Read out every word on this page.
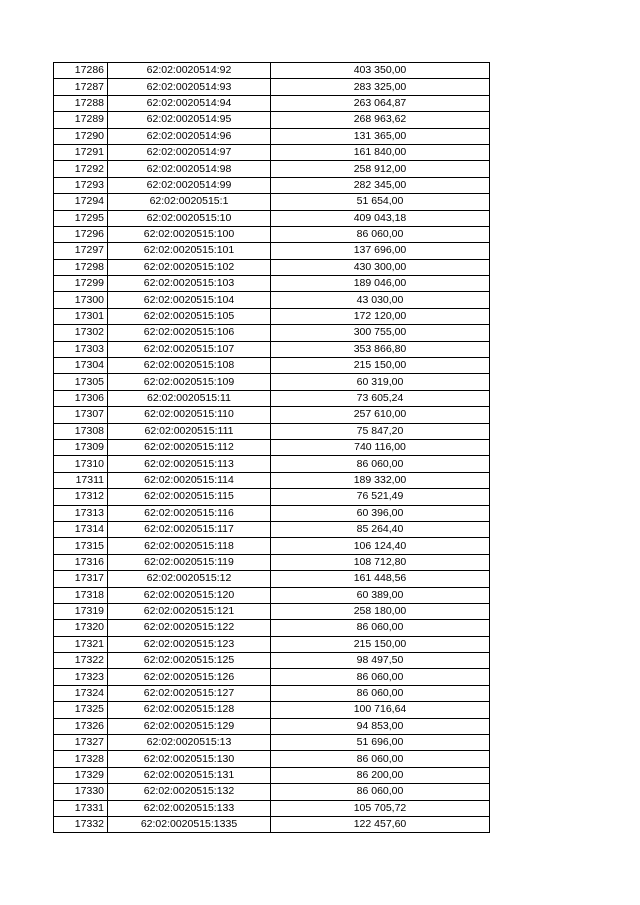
17286	62:02:0020514:92	403 350,00
17287	62:02:0020514:93	283 325,00
17288	62:02:0020514:94	263 064,87
17289	62:02:0020514:95	268 963,62
17290	62:02:0020514:96	131 365,00
17291	62:02:0020514:97	161 840,00
17292	62:02:0020514:98	258 912,00
17293	62:02:0020514:99	282 345,00
17294	62:02:0020515:1	51 654,00
17295	62:02:0020515:10	409 043,18
17296	62:02:0020515:100	86 060,00
17297	62:02:0020515:101	137 696,00
17298	62:02:0020515:102	430 300,00
17299	62:02:0020515:103	189 046,00
17300	62:02:0020515:104	43 030,00
17301	62:02:0020515:105	172 120,00
17302	62:02:0020515:106	300 755,00
17303	62:02:0020515:107	353 866,80
17304	62:02:0020515:108	215 150,00
17305	62:02:0020515:109	60 319,00
17306	62:02:0020515:11	73 605,24
17307	62:02:0020515:110	257 610,00
17308	62:02:0020515:111	75 847,20
17309	62:02:0020515:112	740 116,00
17310	62:02:0020515:113	86 060,00
17311	62:02:0020515:114	189 332,00
17312	62:02:0020515:115	76 521,49
17313	62:02:0020515:116	60 396,00
17314	62:02:0020515:117	85 264,40
17315	62:02:0020515:118	106 124,40
17316	62:02:0020515:119	108 712,80
17317	62:02:0020515:12	161 448,56
17318	62:02:0020515:120	60 389,00
17319	62:02:0020515:121	258 180,00
17320	62:02:0020515:122	86 060,00
17321	62:02:0020515:123	215 150,00
17322	62:02:0020515:125	98 497,50
17323	62:02:0020515:126	86 060,00
17324	62:02:0020515:127	86 060,00
17325	62:02:0020515:128	100 716,64
17326	62:02:0020515:129	94 853,00
17327	62:02:0020515:13	51 696,00
17328	62:02:0020515:130	86 060,00
17329	62:02:0020515:131	86 200,00
17330	62:02:0020515:132	86 060,00
17331	62:02:0020515:133	105 705,72
17332	62:02:0020515:1335	122 457,60
